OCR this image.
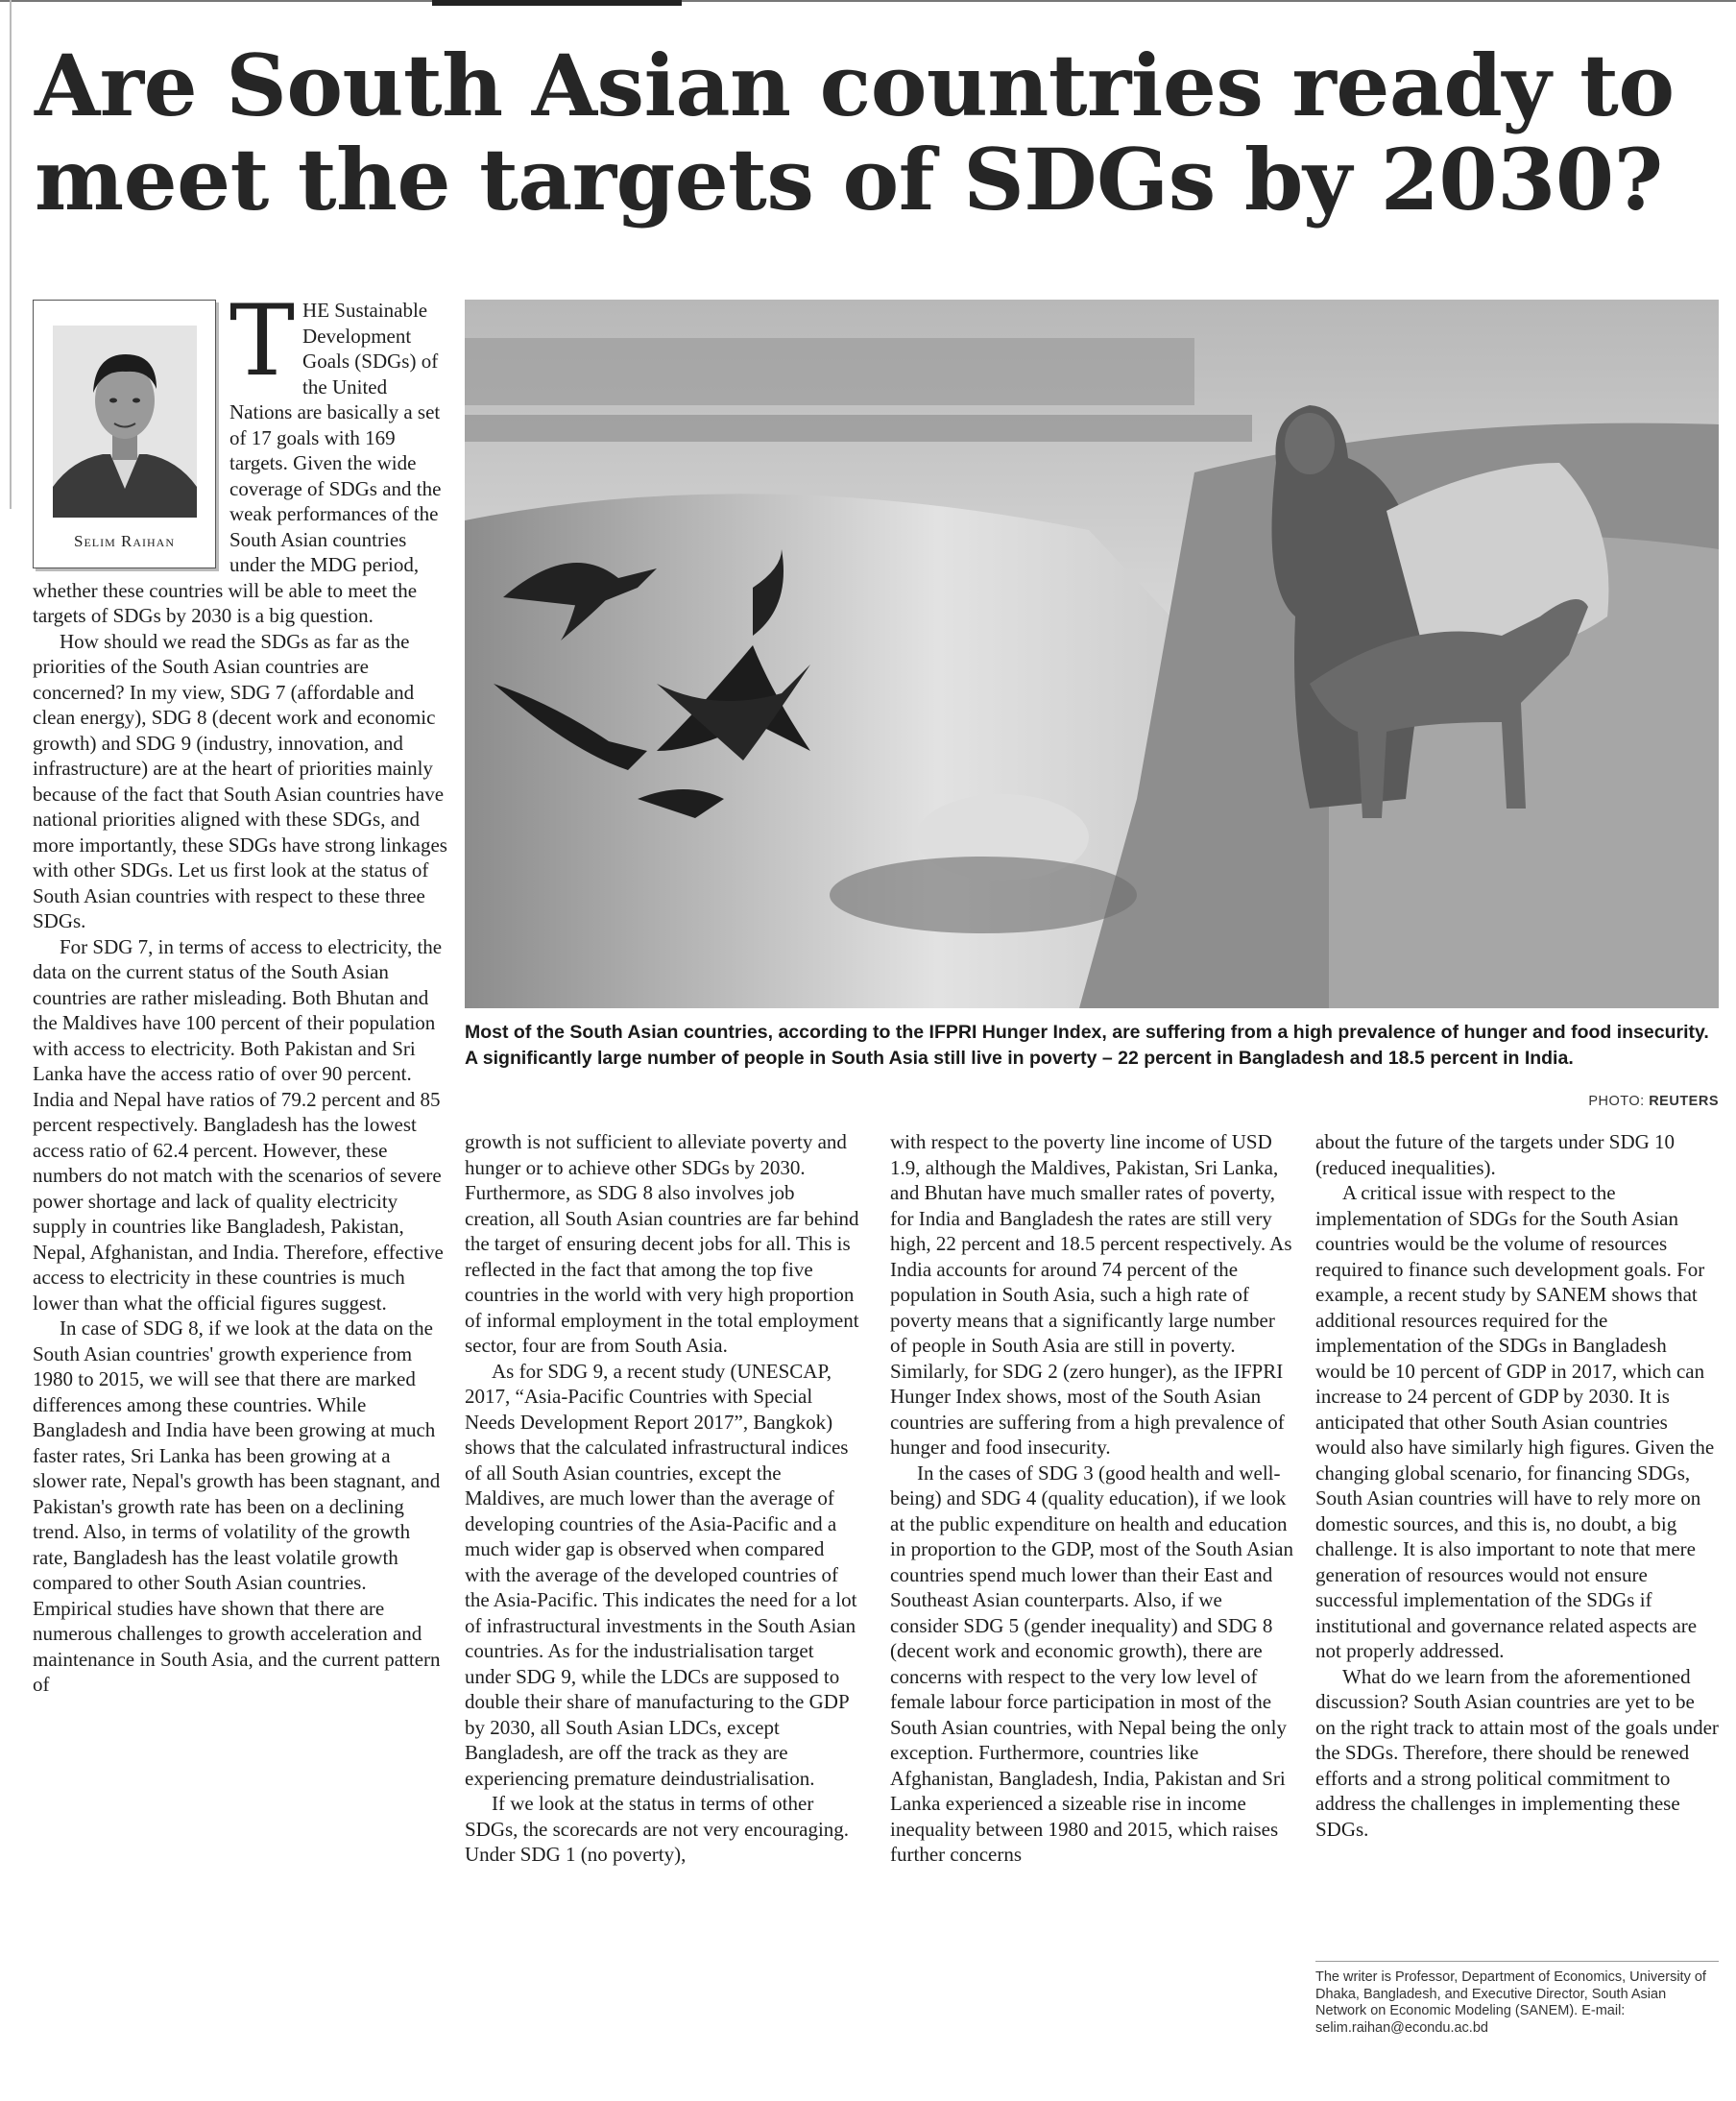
Are South Asian countries ready to meet the targets of SDGs by 2030?
Selim Raihan
T HE Sustainable Development Goals (SDGs) of the United Nations are basically a set of 17 goals with 169 targets. Given the wide coverage of SDGs and the weak performances of the South Asian countries under the MDG period, whether these countries will be able to meet the targets of SDGs by 2030 is a big question.

How should we read the SDGs as far as the priorities of the South Asian countries are concerned? In my view, SDG 7 (affordable and clean energy), SDG 8 (decent work and economic growth) and SDG 9 (industry, innovation, and infrastructure) are at the heart of priorities mainly because of the fact that South Asian countries have national priorities aligned with these SDGs, and more importantly, these SDGs have strong linkages with other SDGs. Let us first look at the status of South Asian countries with respect to these three SDGs.

For SDG 7, in terms of access to electricity, the data on the current status of the South Asian countries are rather misleading. Both Bhutan and the Maldives have 100 percent of their population with access to electricity. Both Pakistan and Sri Lanka have the access ratio of over 90 percent. India and Nepal have ratios of 79.2 percent and 85 percent respectively. Bangladesh has the lowest access ratio of 62.4 percent. However, these numbers do not match with the scenarios of severe power shortage and lack of quality electricity supply in countries like Bangladesh, Pakistan, Nepal, Afghanistan, and India. Therefore, effective access to electricity in these countries is much lower than what the official figures suggest.

In case of SDG 8, if we look at the data on the South Asian countries' growth experience from 1980 to 2015, we will see that there are marked differences among these countries. While Bangladesh and India have been growing at much faster rates, Sri Lanka has been growing at a slower rate, Nepal's growth has been stagnant, and Pakistan's growth rate has been on a declining trend. Also, in terms of volatility of the growth rate, Bangladesh has the least volatile growth compared to other South Asian countries. Empirical studies have shown that there are numerous challenges to growth acceleration and maintenance in South Asia, and the current pattern of

Most of the South Asian countries, according to the IFPRI Hunger Index, are suffering from a high prevalence of hunger and food insecurity. A significantly large number of people in South Asia still live in poverty – 22 percent in Bangladesh and 18.5 percent in India.
PHOTO: REUTERS

growth is not sufficient to alleviate poverty and hunger or to achieve other SDGs by 2030. Furthermore, as SDG 8 also involves job creation, all South Asian countries are far behind the target of ensuring decent jobs for all. This is reflected in the fact that among the top five countries in the world with very high proportion of informal employment in the total employment sector, four are from South Asia.

As for SDG 9, a recent study (UNESCAP, 2017, “Asia-Pacific Countries with Special Needs Development Report 2017”, Bangkok) shows that the calculated infrastructural indices of all South Asian countries, except the Maldives, are much lower than the average of developing countries of the Asia-Pacific and a much wider gap is observed when compared with the average of the developed countries of the Asia-Pacific. This indicates the need for a lot of infrastructural investments in the South Asian countries. As for the industrialisation target under SDG 9, while the LDCs are supposed to double their share of manufacturing to the GDP by 2030, all South Asian LDCs, except Bangladesh, are off the track as they are experiencing premature deindustrialisation.

If we look at the status in terms of other SDGs, the scorecards are not very encouraging. Under SDG 1 (no poverty),

with respect to the poverty line income of USD 1.9, although the Maldives, Pakistan, Sri Lanka, and Bhutan have much smaller rates of poverty, for India and Bangladesh the rates are still very high, 22 percent and 18.5 percent respectively. As India accounts for around 74 percent of the population in South Asia, such a high rate of poverty means that a significantly large number of people in South Asia are still in poverty. Similarly, for SDG 2 (zero hunger), as the IFPRI Hunger Index shows, most of the South Asian countries are suffering from a high prevalence of hunger and food insecurity.

In the cases of SDG 3 (good health and well-being) and SDG 4 (quality education), if we look at the public expenditure on health and education in proportion to the GDP, most of the South Asian countries spend much lower than their East and Southeast Asian counterparts. Also, if we consider SDG 5 (gender inequality) and SDG 8 (decent work and economic growth), there are concerns with respect to the very low level of female labour force participation in most of the South Asian countries, with Nepal being the only exception. Furthermore, countries like Afghanistan, Bangladesh, India, Pakistan and Sri Lanka experienced a sizeable rise in income inequality between 1980 and 2015, which raises further concerns

about the future of the targets under SDG 10 (reduced inequalities).

A critical issue with respect to the implementation of SDGs for the South Asian countries would be the volume of resources required to finance such development goals. For example, a recent study by SANEM shows that additional resources required for the implementation of the SDGs in Bangladesh would be 10 percent of GDP in 2017, which can increase to 24 percent of GDP by 2030. It is anticipated that other South Asian countries would also have similarly high figures. Given the changing global scenario, for financing SDGs, South Asian countries will have to rely more on domestic sources, and this is, no doubt, a big challenge. It is also important to note that mere generation of resources would not ensure successful implementation of the SDGs if institutional and governance related aspects are not properly addressed.

What do we learn from the aforementioned discussion? South Asian countries are yet to be on the right track to attain most of the goals under the SDGs. Therefore, there should be renewed efforts and a strong political commitment to address the challenges in implementing these SDGs.

The writer is Professor, Department of Economics, University of Dhaka, Bangladesh, and Executive Director, South Asian Network on Economic Modeling (SANEM). E-mail: selim.raihan@econdu.ac.bd
